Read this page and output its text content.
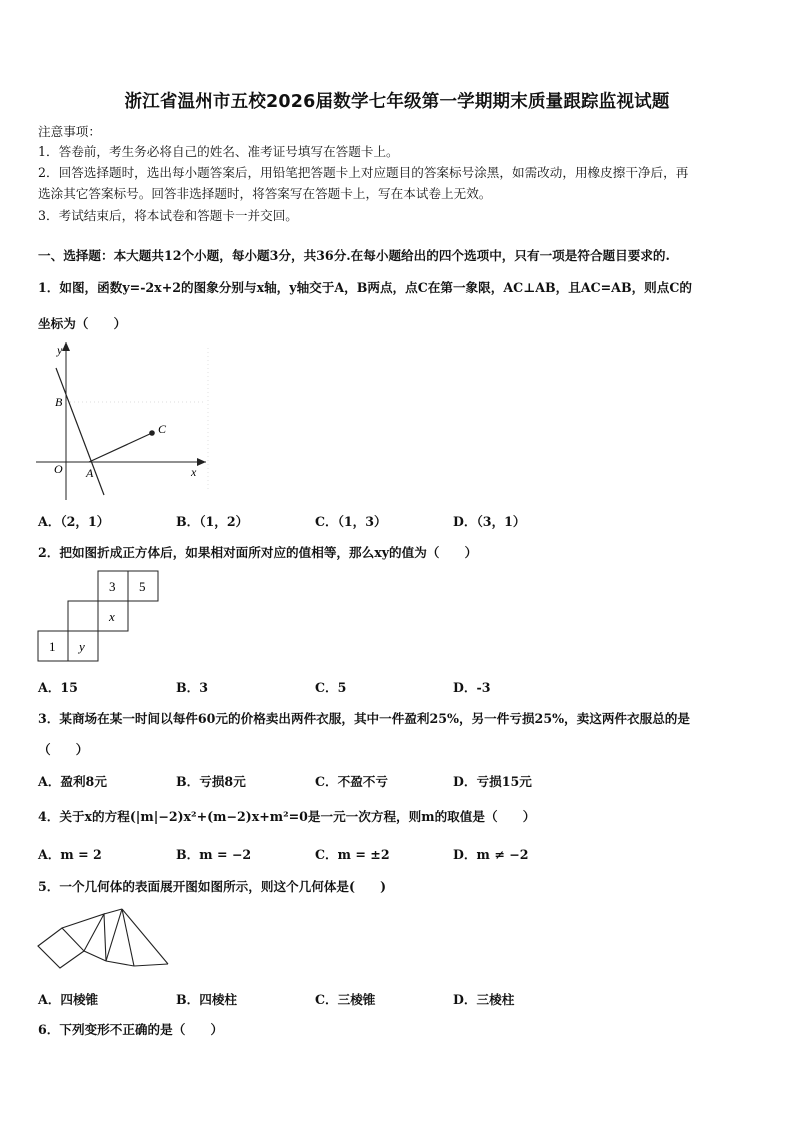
浙江省温州市五校2026届数学七年级第一学期期末质量跟踪监视试题
注意事项：
1．答卷前，考生务必将自己的姓名、准考证号填写在答题卡上。
2．回答选择题时，选出每小题答案后，用铅笔把答题卡上对应题目的答案标号涂黑，如需改动，用橡皮擦干净后，再
选涂其它答案标号。回答非选择题时，将答案写在答题卡上，写在本试卷上无效。
3．考试结束后，将本试卷和答题卡一并交回。
一、选择题：本大题共12个小题，每小题3分，共36分.在每小题给出的四个选项中，只有一项是符合题目要求的.
1．如图，函数y=-2x+2的图象分别与x轴，y轴交于A，B两点，点C在第一象限，AC⊥AB，且AC=AB，则点C的
坐标为（　　）
y
x
O A
B
C
A．（2，1）	B．（1，2）	C．（1，3）	D．（3，1）
2．把如图折成正方体后，如果相对面所对应的值相等，那么xy的值为（　　）
3 5
x
1 y
A．15	B．3	C．5	D．-3
3．某商场在某一时间以每件60元的价格卖出两件衣服，其中一件盈利25%，另一件亏损25%，卖这两件衣服总的是
（　　）
A．盈利8元	B．亏损8元	C．不盈不亏	D．亏损15元
4．关于x的方程(|m|−2)x²+(m−2)x+m²=0是一元一次方程，则m的取值是（　　）
A．m = 2	B．m = −2	C．m = ±2	D．m ≠ −2
5．一个几何体的表面展开图如图所示，则这个几何体是(　　)
A．四棱锥	B．四棱柱	C．三棱锥	D．三棱柱
6．下列变形不正确的是（　　）
